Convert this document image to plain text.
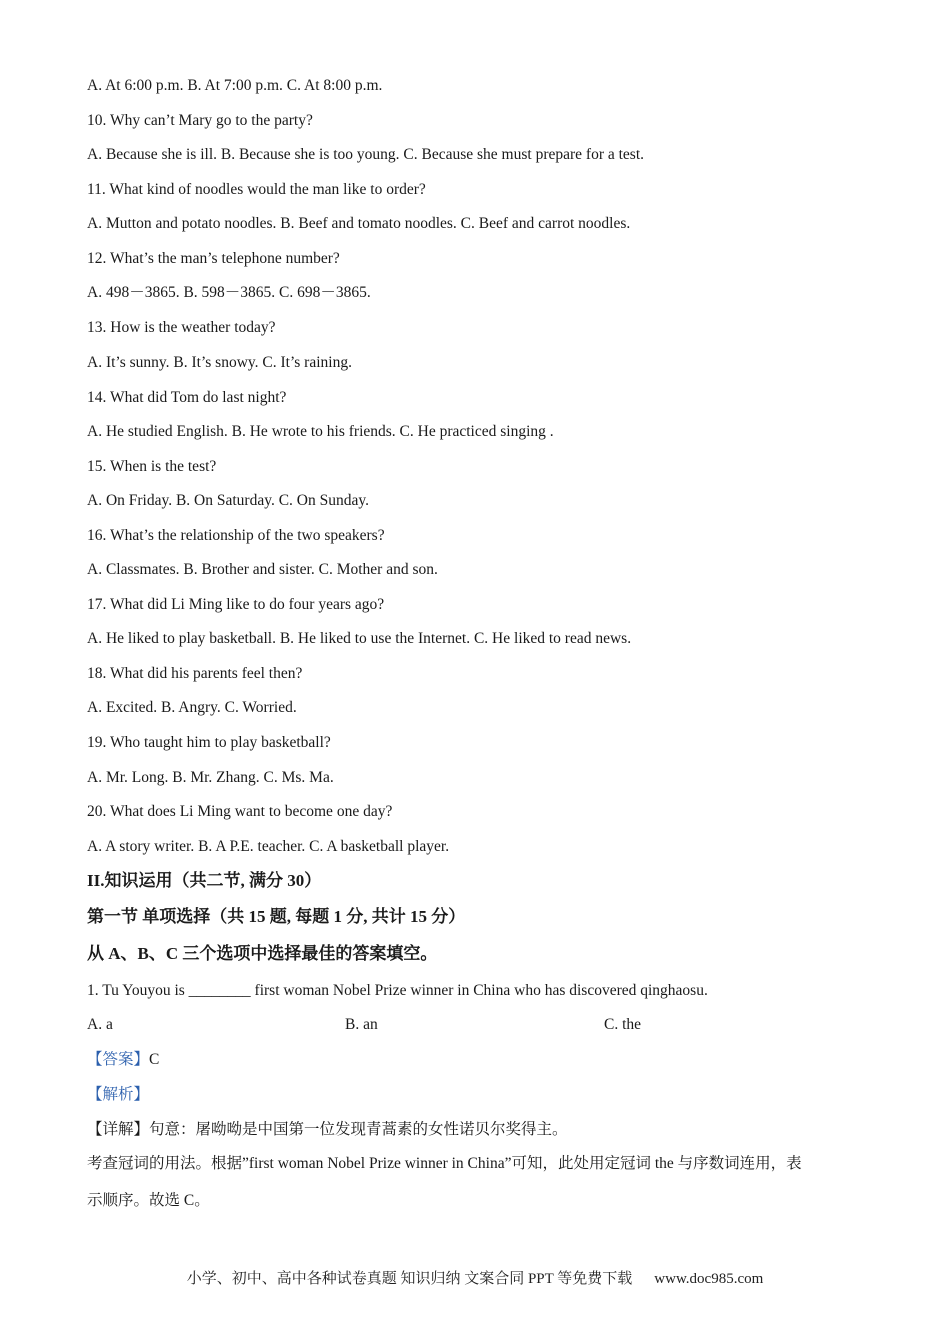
A. At 6:00 p.m. B. At 7:00 p.m. C. At 8:00 p.m.
10. Why can’t Mary go to the party?
A. Because she is ill. B. Because she is too young. C. Because she must prepare for a test.
11. What kind of noodles would the man like to order?
A. Mutton and potato noodles. B. Beef and tomato noodles. C. Beef and carrot noodles.
12. What’s the man’s telephone number?
A. 498－3865. B. 598－3865. C. 698－3865.
13. How is the weather today?
A. It’s sunny. B. It’s snowy. C. It’s raining.
14. What did Tom do last night?
A. He studied English. B. He wrote to his friends. C. He practiced singing .
15. When is the test?
A. On Friday. B. On Saturday. C. On Sunday.
16. What’s the relationship of the two speakers?
A. Classmates. B. Brother and sister. C. Mother and son.
17. What did Li Ming like to do four years ago?
A. He liked to play basketball. B. He liked to use the Internet. C. He liked to read news.
18. What did his parents feel then?
A. Excited. B. Angry. C. Worried.
19. Who taught him to play basketball?
A. Mr. Long. B. Mr. Zhang. C. Ms. Ma.
20. What does Li Ming want to become one day?
A. A story writer. B. A P.E. teacher. C. A basketball player.
II.知识运用（共二节, 满分 30）
第一节 单项选择（共 15 题, 每题 1 分, 共计 15 分）
从 A、B、C 三个选项中选择最佳的答案填空。
1. Tu Youyou is ________ first woman Nobel Prize winner in China who has discovered qinghaosu.
A. a	B. an	C. the
【答案】C
【解析】
【详解】句意：屠呦呦是中国第一位发现青蒿素的女性诺贝尔奖得主。
考查冠词的用法。根据”first woman Nobel Prize winner in China”可知，此处用定冠词 the 与序数词连用，表
示顺序。故选 C。
小学、初中、高中各种试卷真题 知识归纳 文案合同 PPT 等免费下载 www.doc985.com
